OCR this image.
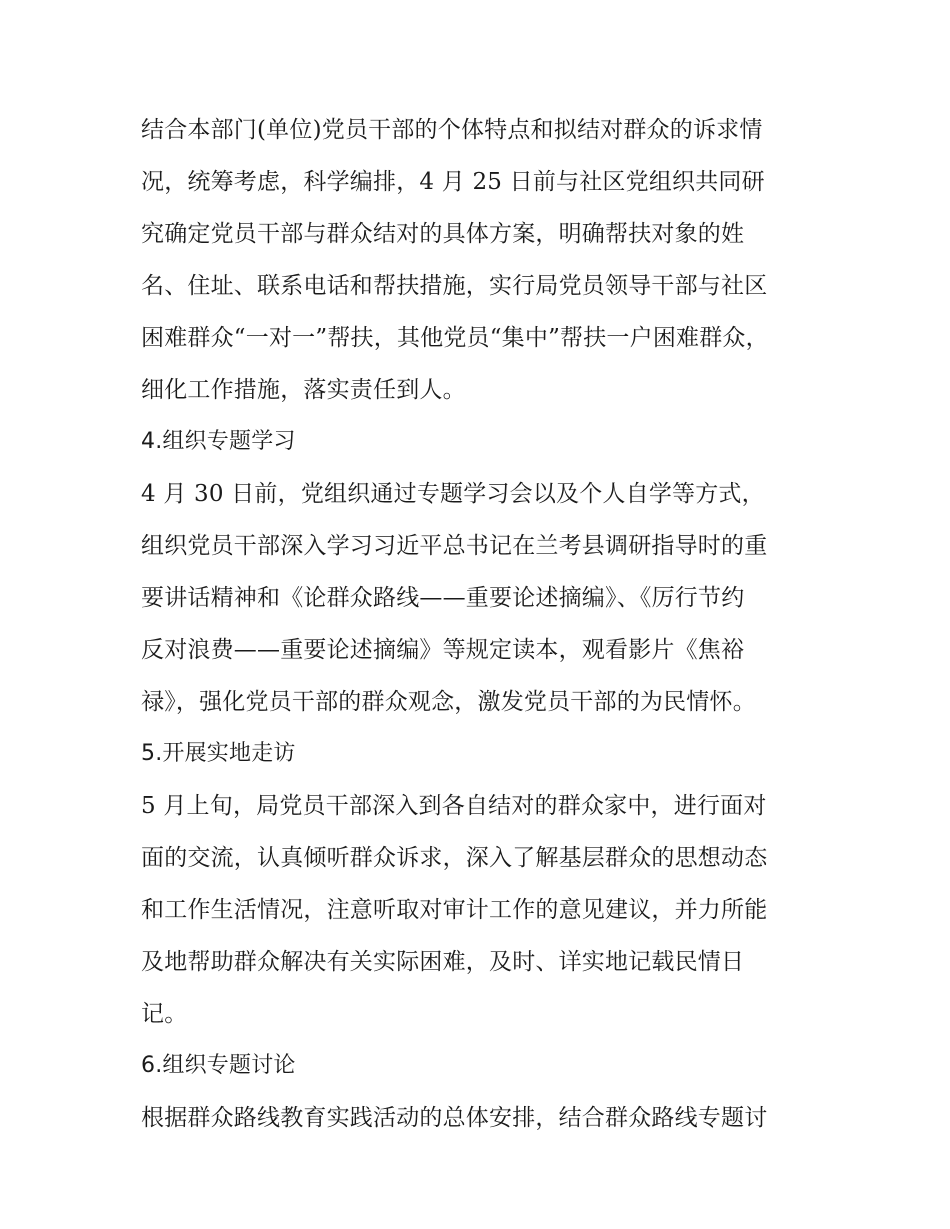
结合本部门(单位)党员干部的个体特点和拟结对群众的诉求情
况，统筹考虑，科学编排，4 月 25 日前与社区党组织共同研
究确定党员干部与群众结对的具体方案，明确帮扶对象的姓
名、住址、联系电话和帮扶措施，实行局党员领导干部与社区
困难群众“一对一”帮扶，其他党员“集中”帮扶一户困难群众，
细化工作措施，落实责任到人。
4.组织专题学习
4 月 30 日前，党组织通过专题学习会以及个人自学等方式，
组织党员干部深入学习习近平总书记在兰考县调研指导时的重
要讲话精神和《论群众路线——重要论述摘编》、《厉行节约
反对浪费——重要论述摘编》等规定读本，观看影片《焦裕
禄》，强化党员干部的群众观念，激发党员干部的为民情怀。
5.开展实地走访
5 月上旬，局党员干部深入到各自结对的群众家中，进行面对
面的交流，认真倾听群众诉求，深入了解基层群众的思想动态
和工作生活情况，注意听取对审计工作的意见建议，并力所能
及地帮助群众解决有关实际困难，及时、详实地记载民情日
记。
6.组织专题讨论
根据群众路线教育实践活动的总体安排，结合群众路线专题讨
